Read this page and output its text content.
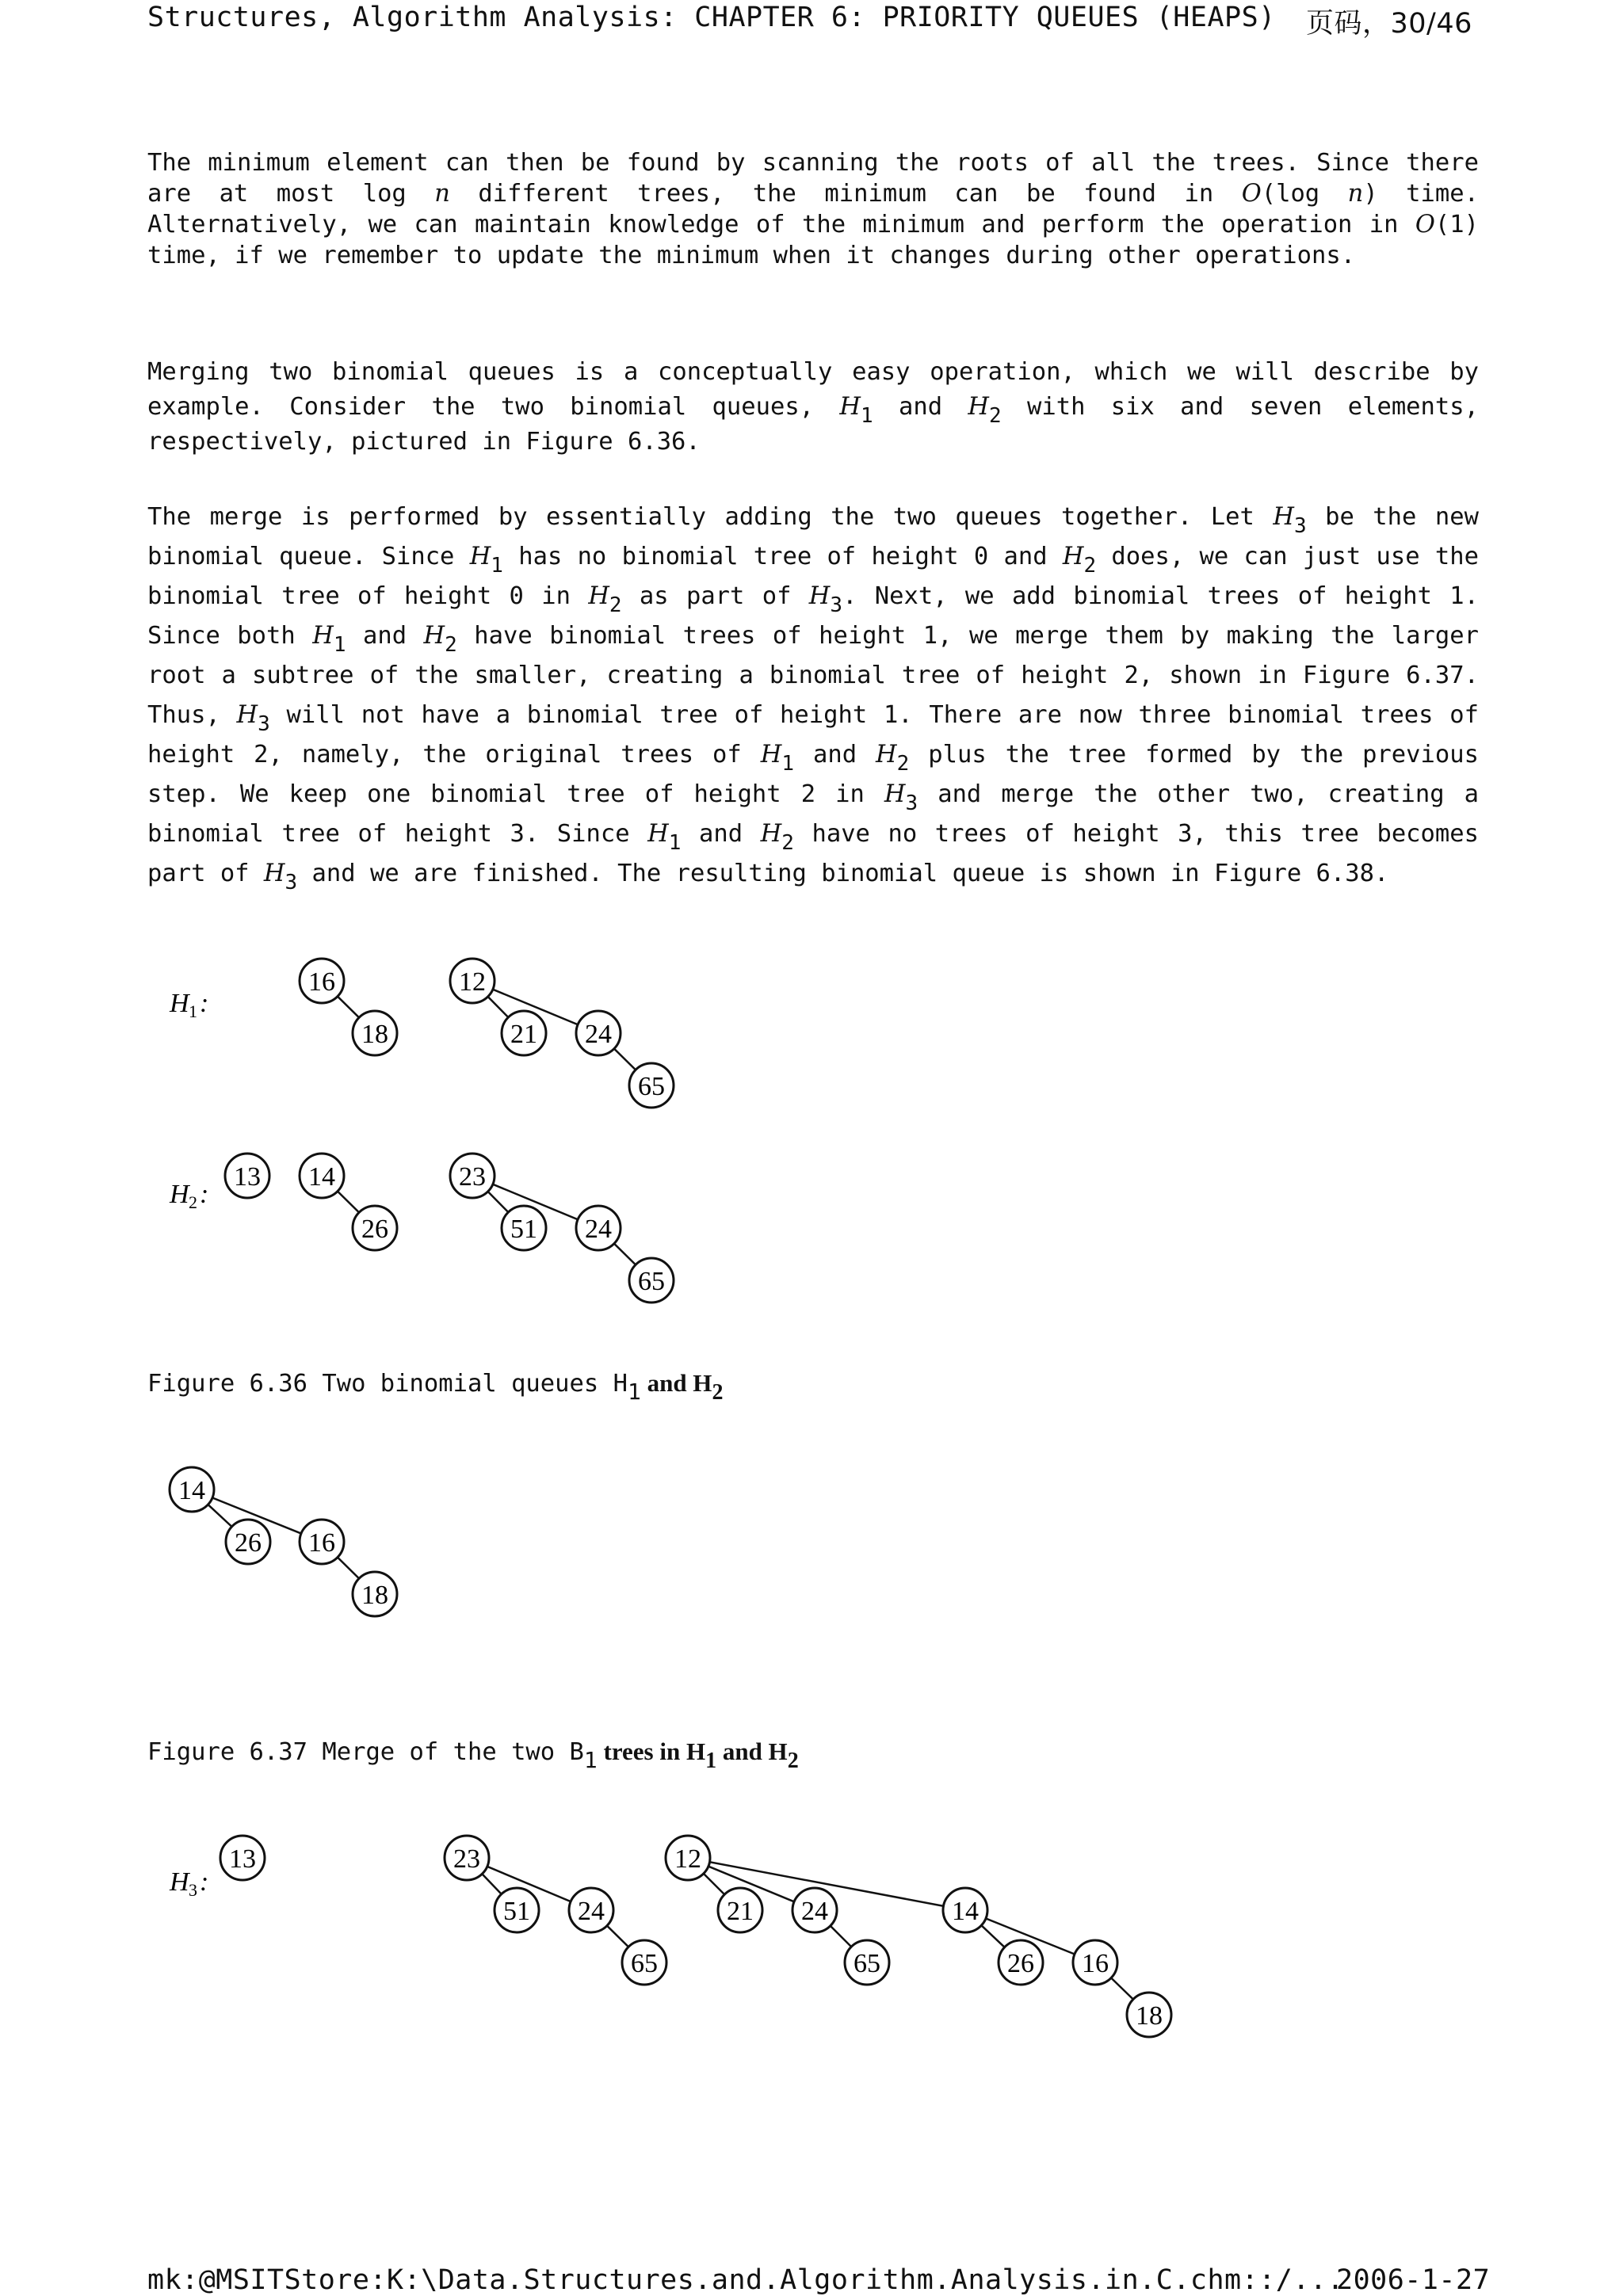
Structures, Algorithm Analysis: CHAPTER 6: PRIORITY QUEUES (HEAPS) 页码，30/46
The minimum element can then be found by scanning the roots of all the trees. Since there are at most log n different trees, the minimum can be found in O(log n) time. Alternatively, we can maintain knowledge of the minimum and perform the operation in O(1) time, if we remember to update the minimum when it changes during other operations.
Merging two binomial queues is a conceptually easy operation, which we will describe by example. Consider the two binomial queues, $H_1$ and $H_2$ with six and seven elements, respectively, pictured in Figure 6.36.
The merge is performed by essentially adding the two queues together. Let $H_3$ be the new binomial queue. Since $H_1$ has no binomial tree of height 0 and $H_2$ does, we can just use the binomial tree of height 0 in $H_2$ as part of $H_3$. Next, we add binomial trees of height 1. Since both $H_1$ and $H_2$ have binomial trees of height 1, we merge them by making the larger root a subtree of the smaller, creating a binomial tree of height 2, shown in Figure 6.37. Thus, $H_3$ will not have a binomial tree of height 1. There are now three binomial trees of height 2, namely, the original trees of $H_1$ and $H_2$ plus the tree formed by the previous step. We keep one binomial tree of height 2 in $H_3$ and merge the other two, creating a binomial tree of height 3. Since $H_1$ and $H_2$ have no trees of height 3, this tree becomes part of $H_3$ and we are finished. The resulting binomial queue is shown in Figure 6.38.
H 1 :
16
18
12
21 24
65
H 2 :
13 14
26
23
51 24
65
Figure 6.36 Two binomial queues $H_1$ and $H_2$
14
26 16
18
Figure 6.37 Merge of the two $B_1$ trees in $H_1$ and $H_2$
H 3 :
13	23
51 24
65
12
21 24
65
14
26 16
18
mk:@MSITStore:K:\Data.Structures.and.Algorithm.Analysis.in.C.chm::/...
2006-1-27
